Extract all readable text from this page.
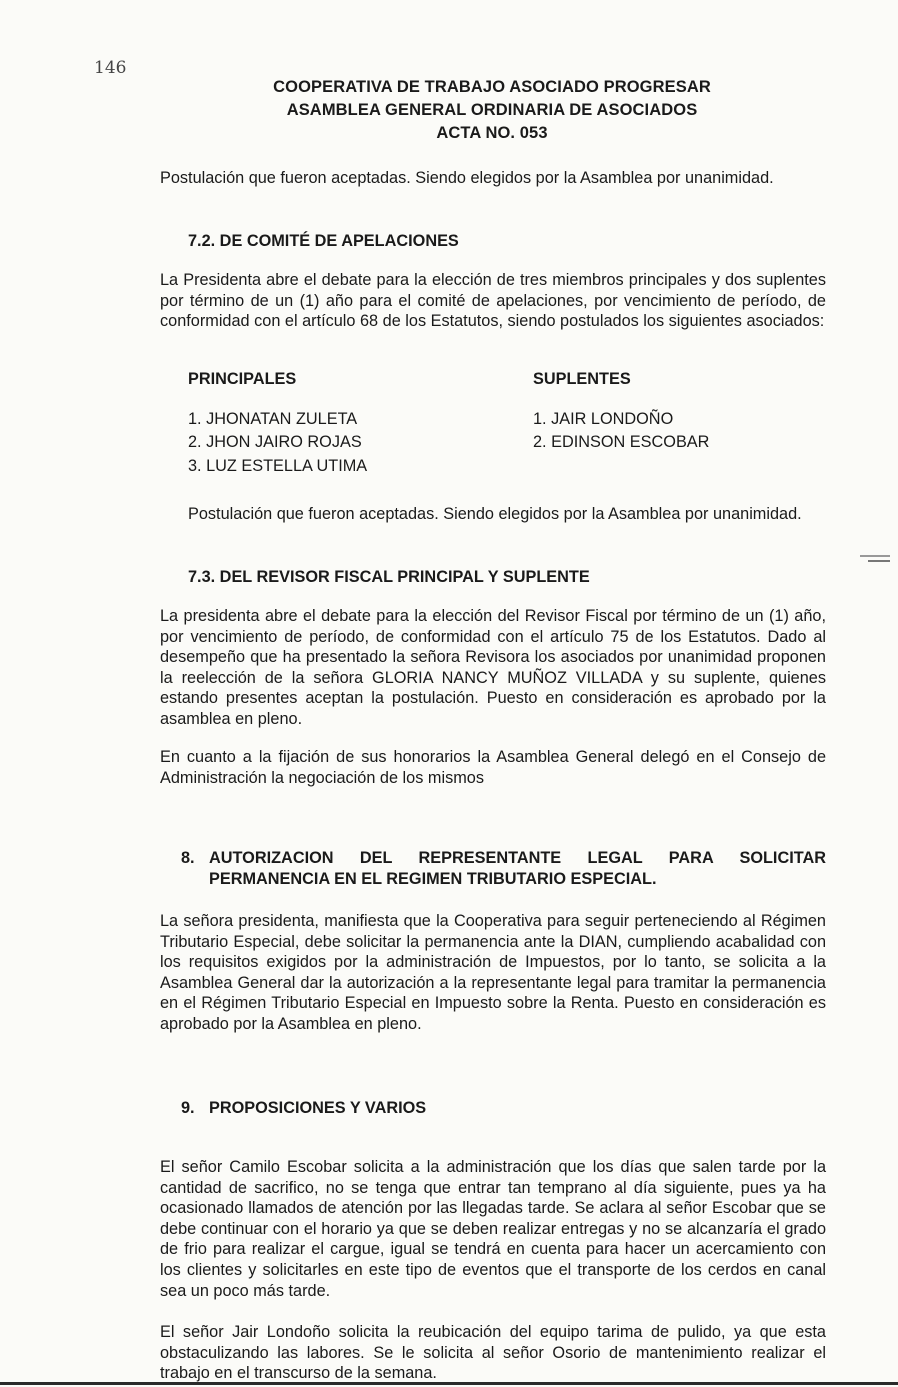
146
COOPERATIVA DE TRABAJO ASOCIADO PROGRESAR
ASAMBLEA GENERAL ORDINARIA DE ASOCIADOS
ACTA NO. 053

Postulación que fueron aceptadas. Siendo elegidos por la Asamblea por unanimidad.

7.2. DE COMITÉ DE APELACIONES

La Presidenta abre el debate para la elección de tres miembros principales y dos suplentes por término de un (1) año para el comité de apelaciones, por vencimiento de período, de conformidad con el artículo 68 de los Estatutos, siendo postulados los siguientes asociados:

PRINCIPALES
1. JHONATAN ZULETA
2. JHON JAIRO ROJAS
3. LUZ ESTELLA UTIMA
SUPLENTES
1. JAIR LONDOÑO
2. EDINSON ESCOBAR

Postulación que fueron aceptadas. Siendo elegidos por la Asamblea por unanimidad.

7.3. DEL REVISOR FISCAL PRINCIPAL Y SUPLENTE

La presidenta abre el debate para la elección del Revisor Fiscal por término de un (1) año, por vencimiento de período, de conformidad con el artículo 75 de los Estatutos. Dado al desempeño que ha presentado la señora Revisora los asociados por unanimidad proponen la reelección de la señora GLORIA NANCY MUÑOZ VILLADA y su suplente, quienes estando presentes aceptan la postulación. Puesto en consideración es aprobado por la asamblea en pleno.

En cuanto a la fijación de sus honorarios la Asamblea General delegó en el Consejo de Administración la negociación de los mismos

8. AUTORIZACION DEL REPRESENTANTE LEGAL PARA SOLICITAR
PERMANENCIA EN EL REGIMEN TRIBUTARIO ESPECIAL.

La señora presidenta, manifiesta que la Cooperativa para seguir perteneciendo al Régimen Tributario Especial, debe solicitar la permanencia ante la DIAN, cumpliendo acabalidad con los requisitos exigidos por la administración de Impuestos, por lo tanto, se solicita a la Asamblea General dar la autorización a la representante legal para tramitar la permanencia en el Régimen Tributario Especial en Impuesto sobre la Renta. Puesto en consideración es aprobado por la Asamblea en pleno.

9. PROPOSICIONES Y VARIOS

El señor Camilo Escobar solicita a la administración que los días que salen tarde por la cantidad de sacrifico, no se tenga que entrar tan temprano al día siguiente, pues ya ha ocasionado llamados de atención por las llegadas tarde. Se aclara al señor Escobar que se debe continuar con el horario ya que se deben realizar entregas y no se alcanzaría el grado de frio para realizar el cargue, igual se tendrá en cuenta para hacer un acercamiento con los clientes y solicitarles en este tipo de eventos que el transporte de los cerdos en canal sea un poco más tarde.

El señor Jair Londoño solicita la reubicación del equipo tarima de pulido, ya que esta obstaculizando las labores. Se le solicita al señor Osorio de mantenimiento realizar el trabajo en el transcurso de la semana.
